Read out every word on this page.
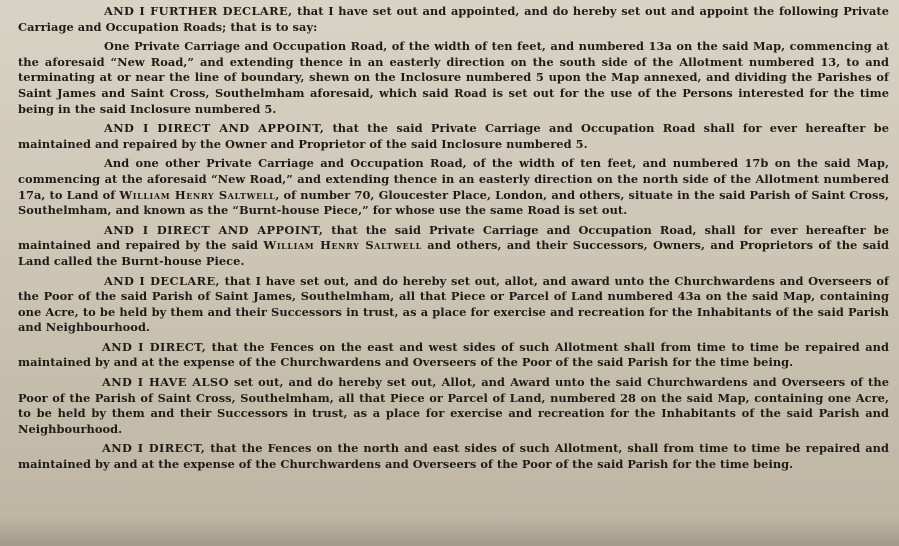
AND I FURTHER DECLARE, that I have set out and appointed, and do hereby set out and appoint the following Private Carriage and Occupation Roads; that is to say:

One Private Carriage and Occupation Road, of the width of ten feet, and numbered 13a on the said Map, commencing at the aforesaid “New Road,” and extending thence in an easterly direction on the south side of the Allotment numbered 13, to and terminating at or near the line of boundary, shewn on the Inclosure numbered 5 upon the Map annexed, and dividing the Parishes of Saint James and Saint Cross, Southelmham aforesaid, which said Road is set out for the use of the Persons interested for the time being in the said Inclosure numbered 5.

AND I DIRECT AND APPOINT, that the said Private Carriage and Occupation Road shall for ever hereafter be maintained and repaired by the Owner and Proprietor of the said Inclosure numbered 5.

And one other Private Carriage and Occupation Road, of the width of ten feet, and numbered 17b on the said Map, commencing at the aforesaid “New Road,” and extending thence in an easterly direction on the north side of the Allotment numbered 17a, to Land of William Henry Saltwell, of number 70, Gloucester Place, London, and others, situate in the said Parish of Saint Cross, Southelmham, and known as the “Burnt-house Piece,” for whose use the same Road is set out.

AND I DIRECT AND APPOINT, that the said Private Carriage and Occupation Road, shall for ever hereafter be maintained and repaired by the said William Henry Saltwell and others, and their Successors, Owners, and Proprietors of the said Land called the Burnt-house Piece.

AND I DECLARE, that I have set out, and do hereby set out, allot, and award unto the Churchwardens and Overseers of the Poor of the said Parish of Saint James, Southelmham, all that Piece or Parcel of Land numbered 43a on the said Map, containing one Acre, to be held by them and their Successors in trust, as a place for exercise and recreation for the Inhabitants of the said Parish and Neighbourhood.

AND I DIRECT, that the Fences on the east and west sides of such Allotment shall from time to time be repaired and maintained by and at the expense of the Churchwardens and Overseers of the Poor of the said Parish for the time being.

AND I HAVE ALSO set out, and do hereby set out, Allot, and Award unto the said Churchwardens and Overseers of the Poor of the Parish of Saint Cross, Southelmham, all that Piece or Parcel of Land, numbered 28 on the said Map, containing one Acre, to be held by them and their Successors in trust, as a place for exercise and recreation for the Inhabitants of the said Parish and Neighbourhood.

AND I DIRECT, that the Fences on the north and east sides of such Allotment, shall from time to time be repaired and maintained by and at the expense of the Churchwardens and Overseers of the Poor of the said Parish for the time being.
